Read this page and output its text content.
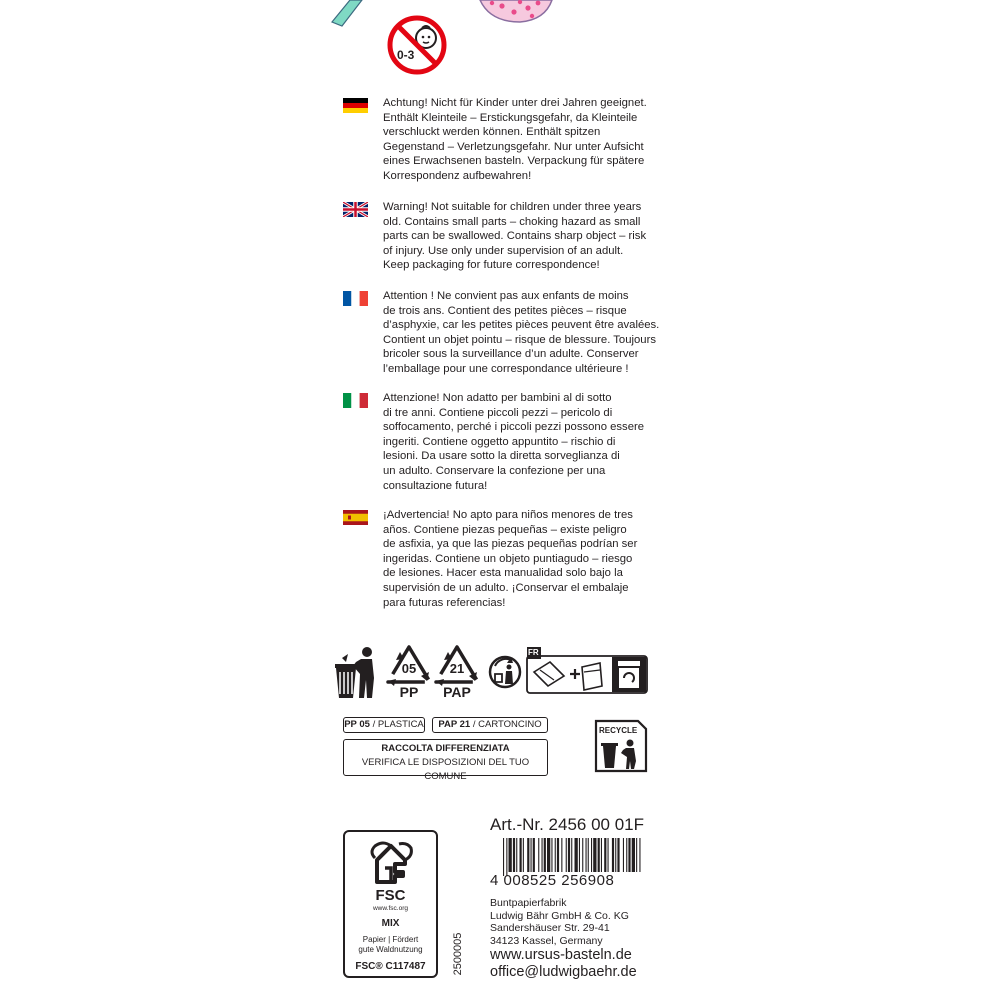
0-3
Achtung! Nicht für Kinder unter drei Jahren geeignet.
Enthält Kleinteile – Erstickungsgefahr, da Kleinteile
verschluckt werden können. Enthält spitzen
Gegenstand – Verletzungsgefahr. Nur unter Aufsicht
eines Erwachsenen basteln. Verpackung für spätere
Korrespondenz aufbewahren!
Warning! Not suitable for children under three years
old. Contains small parts – choking hazard as small
parts can be swallowed. Contains sharp object – risk
of injury. Use only under supervision of an adult.
Keep packaging for future correspondence!
Attention ! Ne convient pas aux enfants de moins
de trois ans. Contient des petites pièces – risque
d’asphyxie, car les petites pièces peuvent être avalées.
Contient un objet pointu – risque de blessure. Toujours
bricoler sous la surveillance d’un adulte. Conserver
l’emballage pour une correspondance ultérieure !
Attenzione! Non adatto per bambini al di sotto
di tre anni. Contiene piccoli pezzi – pericolo di
soffocamento, perché i piccoli pezzi possono essere
ingeriti. Contiene oggetto appuntito – rischio di
lesioni. Da usare sotto la diretta sorveglianza di
un adulto. Conservare la confezione per una
consultazione futura!
¡Advertencia! No apto para niños menores de tres
años. Contiene piezas pequeñas – existe peligro
de asfixia, ya que las piezas pequeñas podrían ser
ingeridas. Contiene un objeto puntiagudo – riesgo
de lesiones. Hacer esta manualidad solo bajo la
supervisión de un adulto. ¡Conservar el embalaje
para futuras referencias!
05
PP
21
PAP
FR
PP 05 / PLASTICA	PAP 21 / CARTONCINO
RACCOLTA DIFFERENZIATA
VERIFICA LE DISPOSIZIONI DEL TUO COMUNE
RECYCLE
FSC
www.fsc.org
MIX
Papier | Fördert
gute Waldnutzung
FSC® C117487	2500005
Art.-Nr. 2456 00 01F
4 008525 256908
Buntpapierfabrik
Ludwig Bähr GmbH & Co. KG
Sandershäuser Str. 29-41
34123 Kassel, Germany
www.ursus-basteln.de
office@ludwigbaehr.de
